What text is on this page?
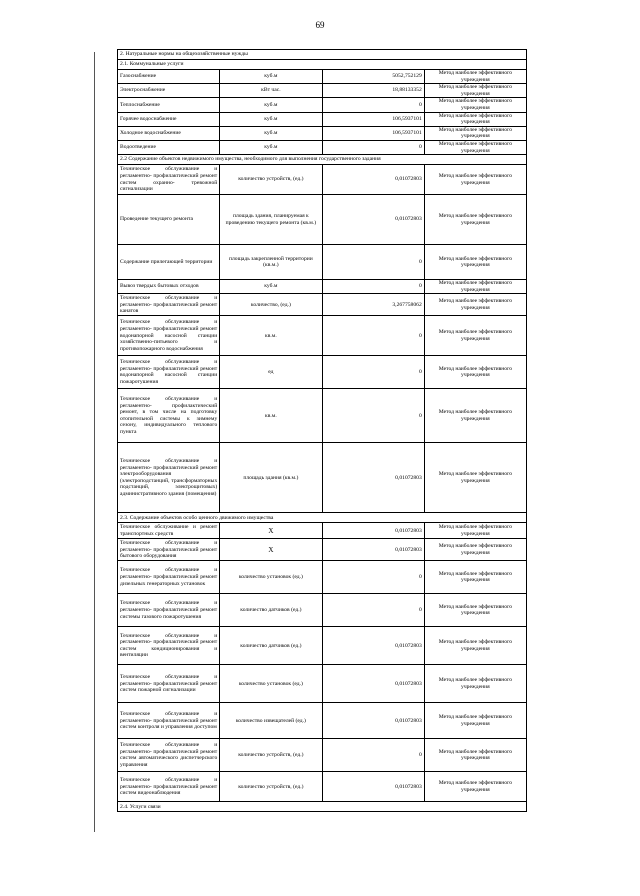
69
2. Натуральные нормы на общехозяйственные нужды			
2.1. Коммунальные услуги			
Газоснабжение	куб.м	5052,752129	Метод наиболее эффективного учреждения
Электроснабжение	кВт час.	18,88133352	Метод наиболее эффективного учреждения
Теплоснабжение	куб.м	0	Метод наиболее эффективного учреждения
Горячее водоснабжение	куб.м	106,5937101	Метод наиболее эффективного учреждения
Холодное водоснабжение	куб.м	106,5937101	Метод наиболее эффективного учреждения
Водоотведение	куб.м	0	Метод наиболее эффективного учреждения
2.2 Содержание объектов недвижимого имущества, необходимого для выполнения государственного задания			
Техническое обслуживание и регламентно- профилактический ремонт систем охранно- тревожной сигнализации	количество устройств, (ед.)	0,01072803	Метод наиболее эффективного учреждения
Проведение текущего ремонта	площадь здания, планируемая к проведению текущего ремонта (кв.м.)	0,01072803	Метод наиболее эффективного учреждения
Содержание прилегающей территории	площадь закрепленной территории (кв.м.)	0	Метод наиболее эффективного учреждения
Вывоз твердых бытовых отходов	куб.м	0	Метод наиболее эффективного учреждения
Техническое обслуживание и регламентно- профилактический ремонт канатов	количество, (ед.)	3,267758062	Метод наиболее эффективного учреждения
Техническое обслуживание и регламентно- профилактический ремонт водонапорной насосной станции хозяйственно-питьевого и противопожарного водоснабжения	кв.м.	0	Метод наиболее эффективного учреждения
Техническое обслуживание и регламентно- профилактический ремонт водонапорной насосной станции пожаротушения	ед	0	Метод наиболее эффективного учреждения
Техническое обслуживание и регламентно- профилактический ремонт, в том числе на подготовку отопительной системы к зимнему сезону, индивидуального теплового пункта	кв.м.	0	Метод наиболее эффективного учреждения
Техническое обслуживание и регламентно- профилактический ремонт электрооборудования (электроподстанций, трансформаторных подстанций, электрощитовых) административного здания (помещения)	площадь здания (кв.м.)	0,01072803	Метод наиболее эффективного учреждения
2.3. Содержание объектов особо ценного движимого имущества			
Техническое обслуживание и ремонт транспортных средств	X	0,01072803	Метод наиболее эффективного учреждения
Техническое обслуживание и регламентно- профилактический ремонт бытового оборудования	X	0,01072803	Метод наиболее эффективного учреждения
Техническое обслуживание и регламентно- профилактический ремонт дизельных генераторных установок	количество установок (ед.)	0	Метод наиболее эффективного учреждения
Техническое обслуживание и регламентно- профилактический ремонт системы газового пожаротушения	количество датчиков (ед.)	0	Метод наиболее эффективного учреждения
Техническое обслуживание и регламентно- профилактический ремонт систем кондиционирования и вентиляции	количество датчиков (ед.)	0,01072803	Метод наиболее эффективного учреждения
Техническое обслуживание и регламентно- профилактический ремонт систем пожарной сигнализации	количество установок (ед.)	0,01072803	Метод наиболее эффективного учреждения
Техническое обслуживание и регламентно- профилактический ремонт систем контроля и управления доступом	количество извещателей (ед.)	0,01072803	Метод наиболее эффективного учреждения
Техническое обслуживание и регламентно- профилактический ремонт систем автоматического диспетчерского управления	количество устройств, (ед.)	0	Метод наиболее эффективного учреждения
Техническое обслуживание и регламентно- профилактический ремонт систем видеонаблюдения	количество устройств, (ед.)	0,01072803	Метод наиболее эффективного учреждения
2.4. Услуги связи			
